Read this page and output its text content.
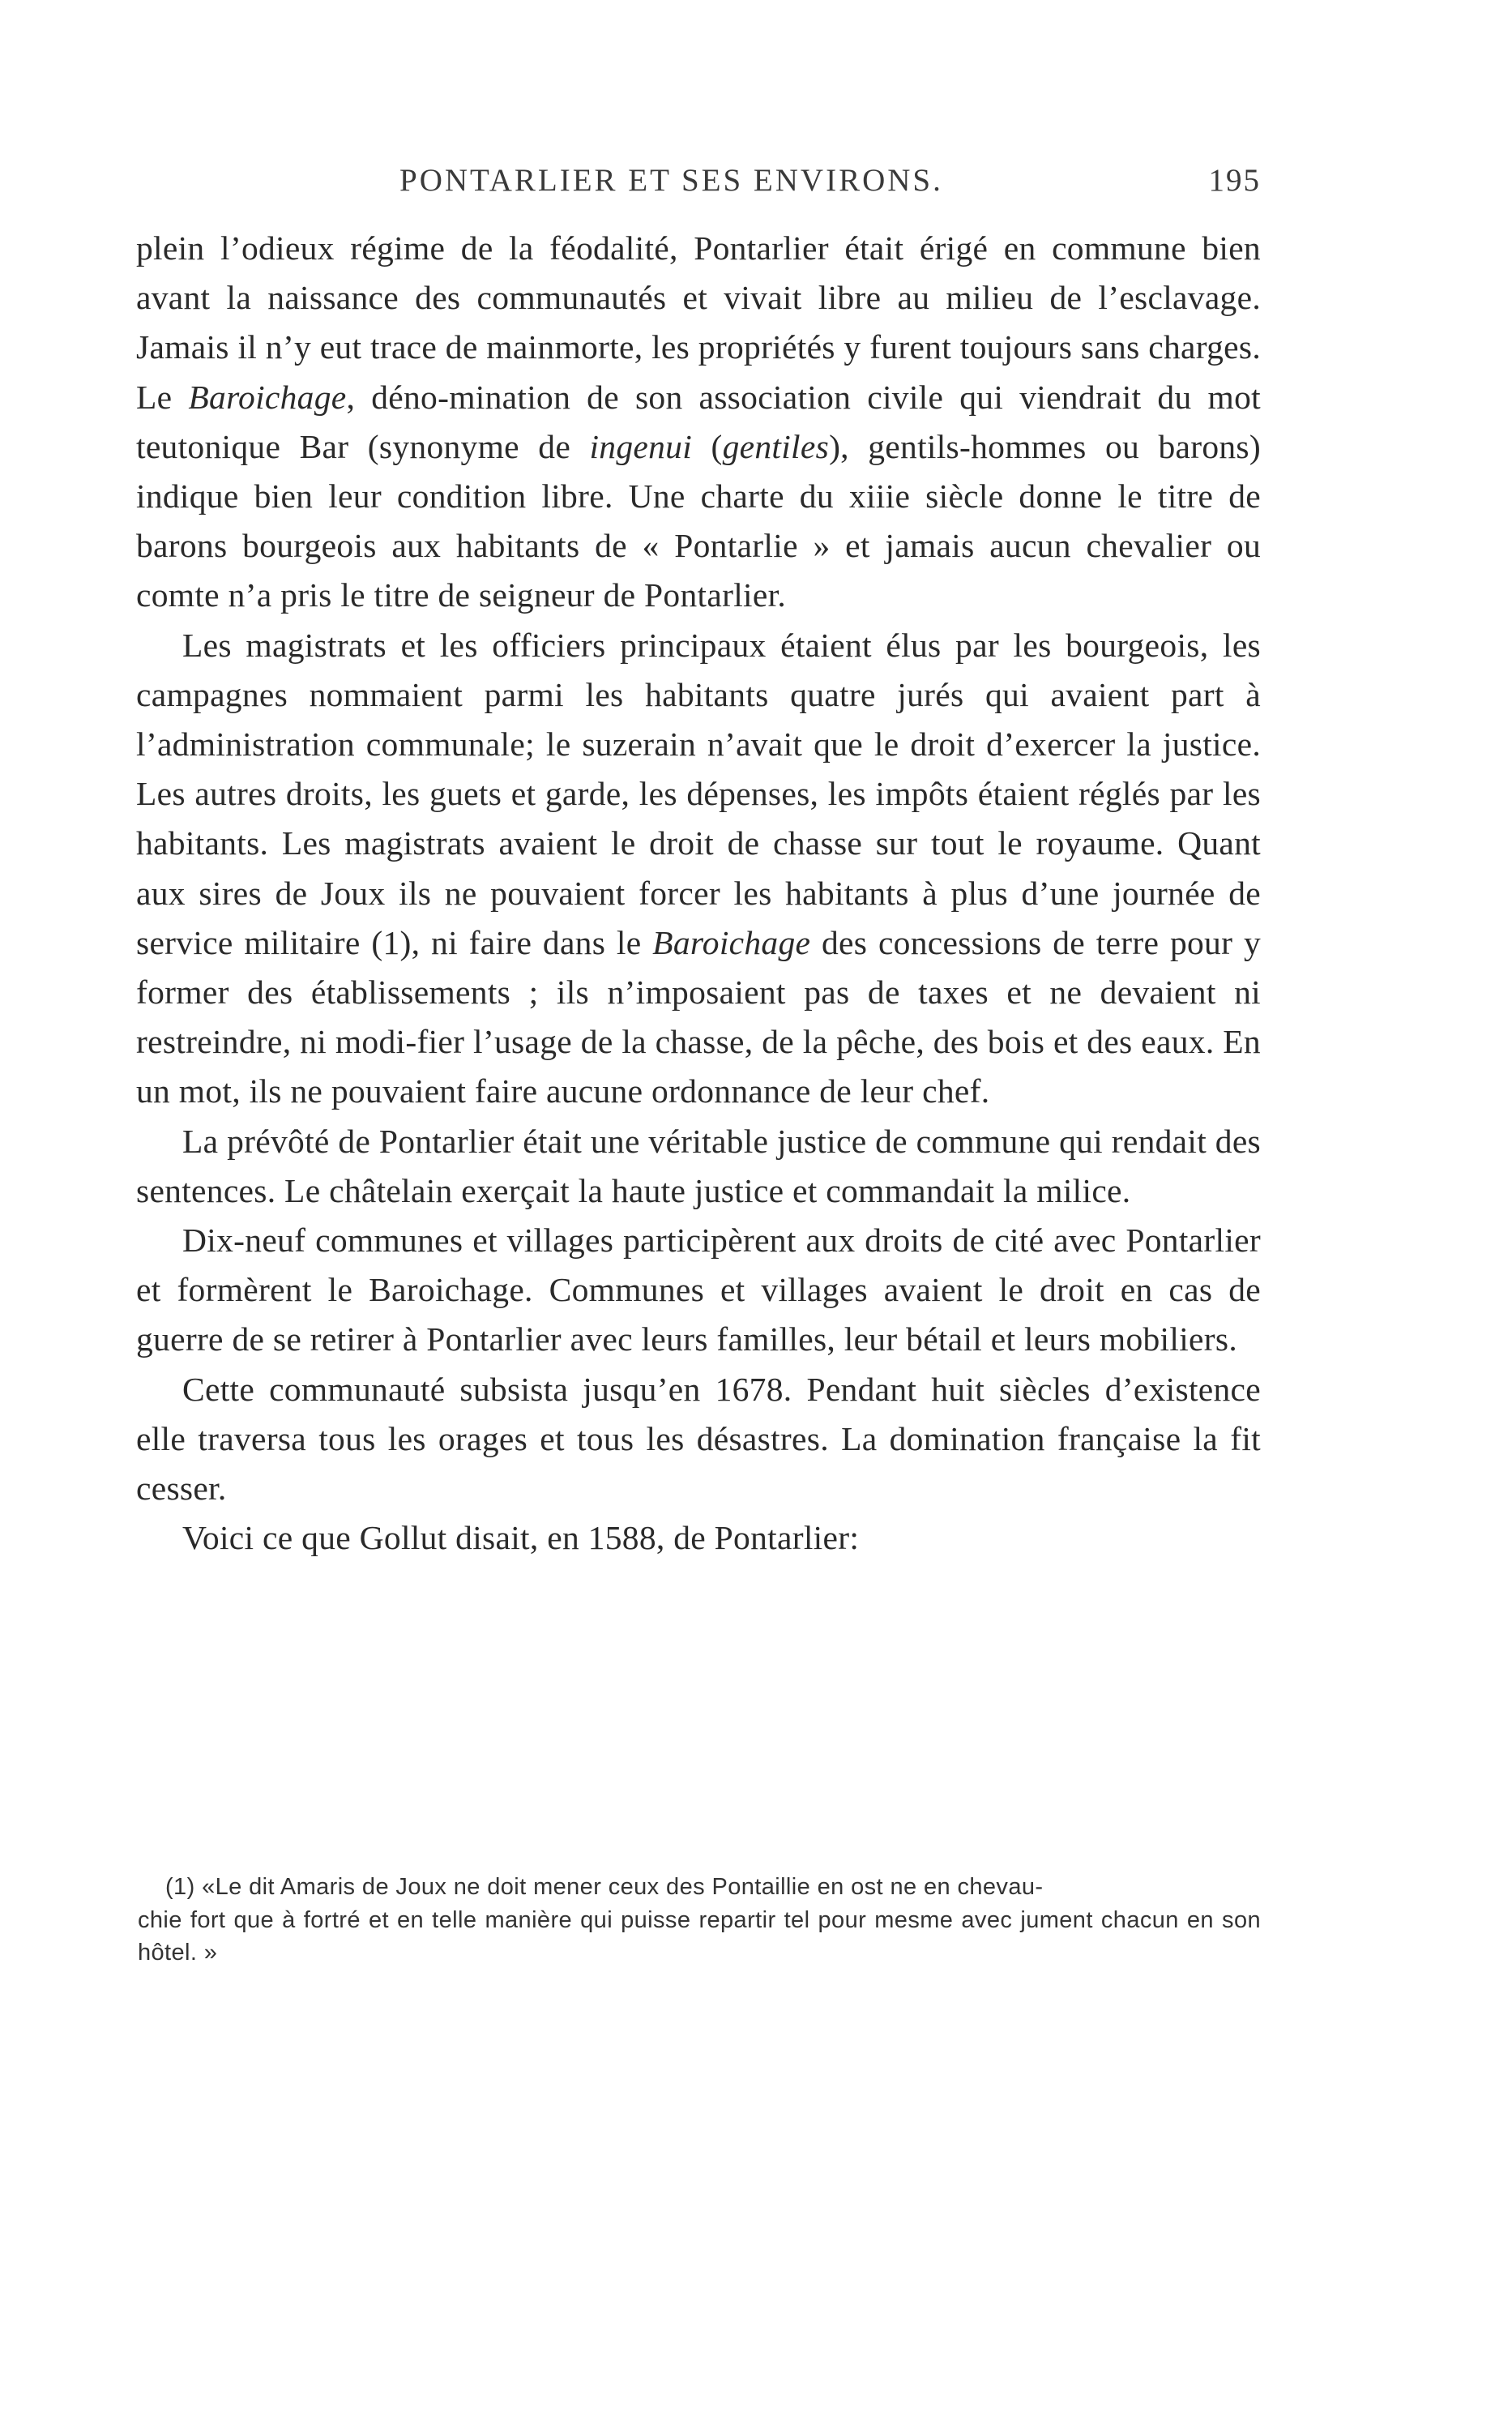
PONTARLIER ET SES ENVIRONS.	195

plein l’odieux régime de la féodalité, Pontarlier était érigé en commune bien avant la naissance des communautés et vivait libre au milieu de l’esclavage. Jamais il n’y eut trace de mainmorte, les propriétés y furent toujours sans charges. Le Baroichage, déno-mination de son association civile qui viendrait du mot teutonique Bar (synonyme de ingenui (gentiles), gentils-hommes ou barons) indique bien leur condition libre. Une charte du xiiie siècle donne le titre de barons bourgeois aux habitants de « Pontarlie » et jamais aucun chevalier ou comte n’a pris le titre de seigneur de Pontarlier.

Les magistrats et les officiers principaux étaient élus par les bourgeois, les campagnes nommaient parmi les habitants quatre jurés qui avaient part à l’administration communale; le suzerain n’avait que le droit d’exercer la justice. Les autres droits, les guets et garde, les dépenses, les impôts étaient réglés par les habitants. Les magistrats avaient le droit de chasse sur tout le royaume. Quant aux sires de Joux ils ne pouvaient forcer les habitants à plus d’une journée de service militaire (1), ni faire dans le Baroichage des concessions de terre pour y former des établissements ; ils n’imposaient pas de taxes et ne devaient ni restreindre, ni modi-fier l’usage de la chasse, de la pêche, des bois et des eaux. En un mot, ils ne pouvaient faire aucune ordonnance de leur chef.

La prévôté de Pontarlier était une véritable justice de commune qui rendait des sentences. Le châtelain exerçait la haute justice et commandait la milice.

Dix-neuf communes et villages participèrent aux droits de cité avec Pontarlier et formèrent le Baroichage. Communes et villages avaient le droit en cas de guerre de se retirer à Pontarlier avec leurs familles, leur bétail et leurs mobiliers.

Cette communauté subsista jusqu’en 1678. Pendant huit siècles d’existence elle traversa tous les orages et tous les désastres. La domination française la fit cesser.

Voici ce que Gollut disait, en 1588, de Pontarlier:

(1) «Le dit Amaris de Joux ne doit mener ceux des Pontaillie en ost ne en chevau-
chie fort que à fortré et en telle manière qui puisse repartir tel pour mesme avec jument chacun en son hôtel. »
